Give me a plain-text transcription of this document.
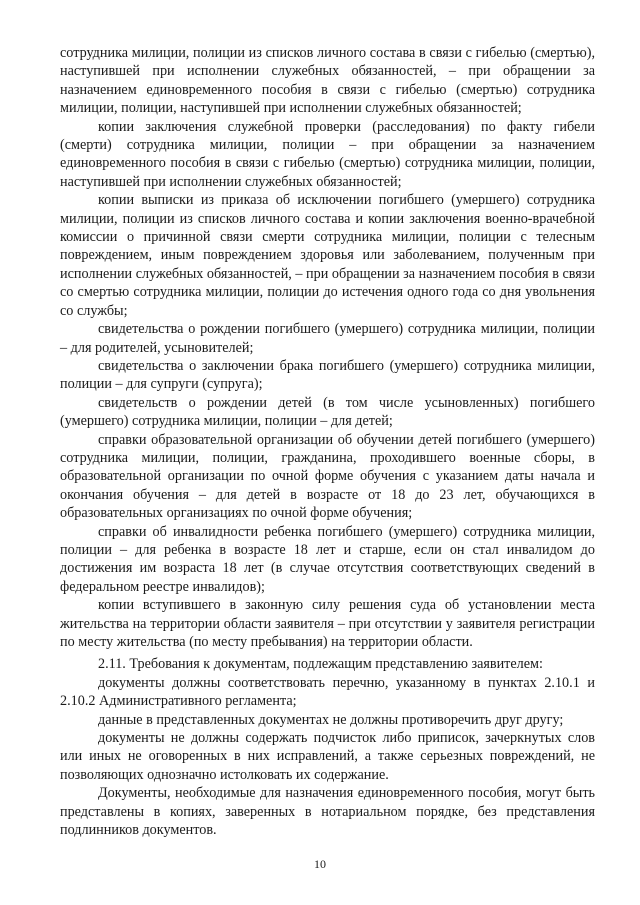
сотрудника милиции, полиции из списков личного состава в связи с гибелью (смертью), наступившей при исполнении служебных обязанностей, – при обращении за назначением единовременного пособия в связи с гибелью (смертью) сотрудника милиции, полиции, наступившей при исполнении служебных обязанностей;

копии заключения служебной проверки (расследования) по факту гибели (смерти) сотрудника милиции, полиции – при обращении за назначением единовременного пособия в связи с гибелью (смертью) сотрудника милиции, полиции, наступившей при исполнении служебных обязанностей;

копии выписки из приказа об исключении погибшего (умершего) сотрудника милиции, полиции из списков личного состава и копии заключения военно-врачебной комиссии о причинной связи смерти сотрудника милиции, полиции с телесным повреждением, иным повреждением здоровья или заболеванием, полученным при исполнении служебных обязанностей, – при обращении за назначением пособия в связи со смертью сотрудника милиции, полиции до истечения одного года со дня увольнения со службы;

свидетельства о рождении погибшего (умершего) сотрудника милиции, полиции – для родителей, усыновителей;

свидетельства о заключении брака погибшего (умершего) сотрудника милиции, полиции – для супруги (супруга);

свидетельств о рождении детей (в том числе усыновленных) погибшего (умершего) сотрудника милиции, полиции – для детей;

справки образовательной организации об обучении детей погибшего (умершего) сотрудника милиции, полиции, гражданина, проходившего военные сборы, в образовательной организации по очной форме обучения с указанием даты начала и окончания обучения – для детей в возрасте от 18 до 23 лет, обучающихся в образовательных организациях по очной форме обучения;

справки об инвалидности ребенка погибшего (умершего) сотрудника милиции, полиции – для ребенка в возрасте 18 лет и старше, если он стал инвалидом до достижения им возраста 18 лет (в случае отсутствия соответствующих сведений в федеральном реестре инвалидов);

копии вступившего в законную силу решения суда об установлении места жительства на территории области заявителя – при отсутствии у заявителя регистрации по месту жительства (по месту пребывания) на территории области.

2.11. Требования к документам, подлежащим представлению заявителем:

документы должны соответствовать перечню, указанному в пунктах 2.10.1 и 2.10.2 Административного регламента;

данные в представленных документах не должны противоречить друг другу;

документы не должны содержать подчисток либо приписок, зачеркнутых слов или иных не оговоренных в них исправлений, а также серьезных повреждений, не позволяющих однозначно истолковать их содержание.

Документы, необходимые для назначения единовременного пособия, могут быть представлены в копиях, заверенных в нотариальном порядке, без представления подлинников документов.

10
